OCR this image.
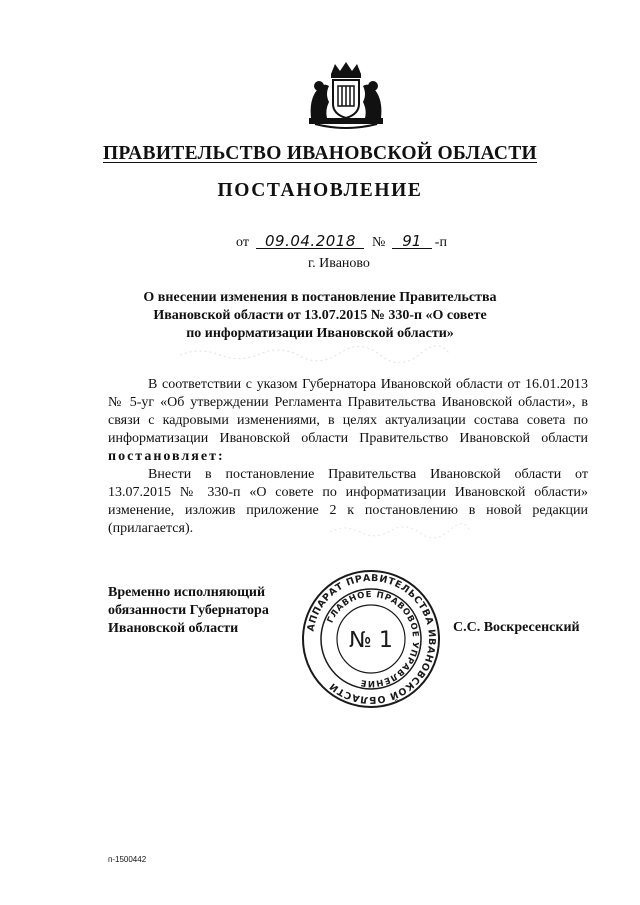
ПРАВИТЕЛЬСТВО ИВАНОВСКОЙ ОБЛАСТИ
ПОСТАНОВЛЕНИЕ
от 09.04.2018 № 91 -п
г. Иваново
О внесении изменения в постановление Правительства
Ивановской области от 13.07.2015 № 330-п «О совете
по информатизации Ивановской области»

В соответствии с указом Губернатора Ивановской области от 16.01.2013 № 5-уг «Об утверждении Регламента Правительства Ивановской области», в связи с кадровыми изменениями, в целях актуализации состава совета по информатизации Ивановской области Правительство Ивановской области постановляет:

Внести в постановление Правительства Ивановской области от 13.07.2015 № 330-п «О совете по информатизации Ивановской области» изменение, изложив приложение 2 к постановлению в новой редакции (прилагается).

Временно исполняющий
обязанности Губернатора
Ивановской области	АППАРАТ ПРАВИТЕЛЬСТВА ИВАНОВСКОЙ ОБЛАСТИ
ГЛАВНОЕ ПРАВОВОЕ УПРАВЛЕНИЕ
№ 1
С.С. Воскресенский
п-1500442
